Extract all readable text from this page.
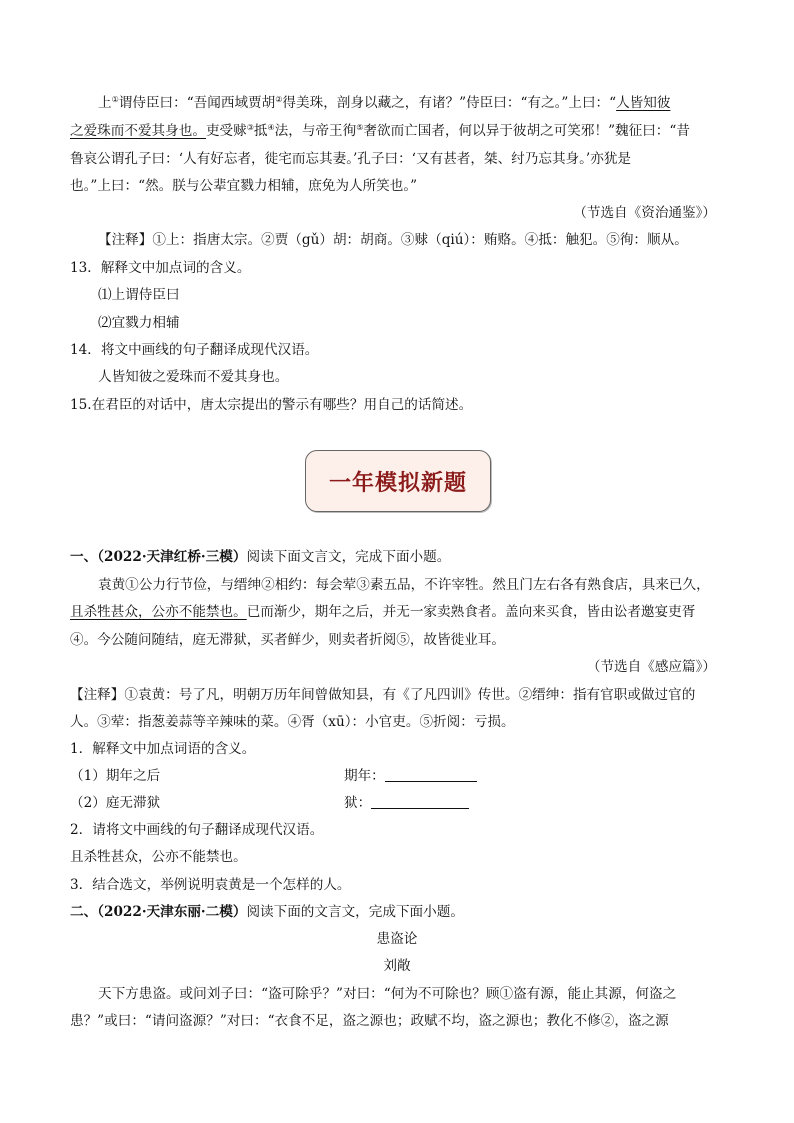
上①谓侍臣曰：“吾闻西域贾胡②得美珠，剖身以藏之，有诸？”侍臣曰：“有之。”上曰：“人皆知彼
之爱珠而不爱其身也。吏受赇③抵④法，与帝王徇⑤奢欲而亡国者，何以异于彼胡之可笑邪！”魏征曰：“昔
鲁哀公谓孔子曰：‘人有好忘者，徙宅而忘其妻。’孔子曰：‘又有甚者，桀、纣乃忘其身。’亦犹是
也。”上曰：“然。朕与公辈宜戮力相辅，庶免为人所笑也。”
（节选自《资治通鉴》）
【注释】①上：指唐太宗。②贾（gǔ）胡：胡商。③赇（qiú）：贿赂。④抵：触犯。⑤徇：顺从。
13．解释文中加点词的含义。
⑴上谓侍臣曰
⑵宜戮力相辅
14．将文中画线的句子翻译成现代汉语。
人皆知彼之爱珠而不爱其身也。
15.在君臣的对话中，唐太宗提出的警示有哪些？用自己的话简述。
一年模拟新题
一、（2022·天津红桥·三模）阅读下面文言文，完成下面小题。
袁黄①公力行节俭，与缙绅②相约：每会荤③素五品，不许宰牲。然且门左右各有熟食店，具来已久，
且杀牲甚众，公亦不能禁也。已而渐少，期年之后，并无一家卖熟食者。盖向来买食，皆由讼者邀宴吏胥
④。今公随问随结，庭无滞狱，买者鲜少，则卖者折阅⑤，故皆徙业耳。
（节选自《感应篇》）
【注释】①袁黄：号了凡，明朝万历年间曾做知县，有《了凡四训》传世。②缙绅：指有官职或做过官的
人。③荤：指葱姜蒜等辛辣味的菜。④胥（xū）：小官吏。⑤折阅：亏损。
1．解释文中加点词语的含义。
（1）期年之后	期年：
（2）庭无滞狱	狱：
2．请将文中画线的句子翻译成现代汉语。
且杀牲甚众，公亦不能禁也。
3．结合选文，举例说明袁黄是一个怎样的人。
二、（2022·天津东丽·二模）阅读下面的文言文，完成下面小题。
患盗论
刘敞
天下方患盗。或问刘子曰：“盗可除乎？”对曰：“何为不可除也？顾①盗有源，能止其源，何盗之
患？”或曰：“请问盗源？”对曰：“衣食不足，盗之源也；政赋不均，盗之源也；教化不修②，盗之源
